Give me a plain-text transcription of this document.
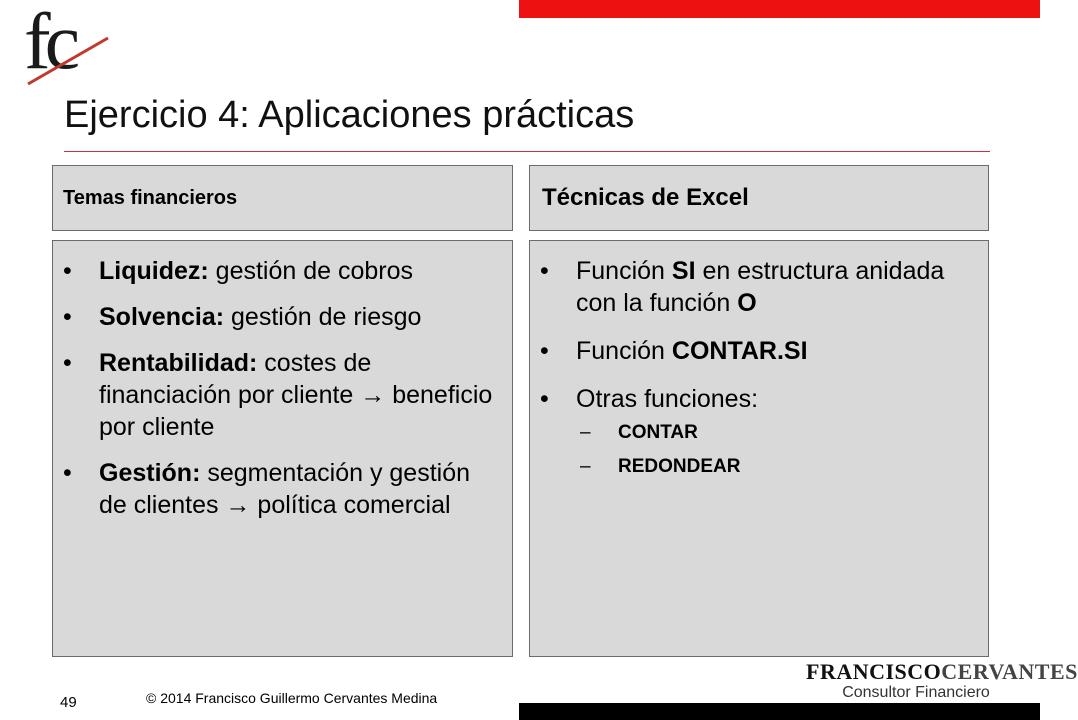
fc
Ejercicio 4: Aplicaciones prácticas
Temas financieros	Técnicas de Excel
• Liquidez: gestión de cobros
• Solvencia: gestión de riesgo
• Rentabilidad: costes de financiación por cliente → beneficio por cliente
• Gestión: segmentación y gestión de clientes → política comercial
• Función SI en estructura anidada con la función O
• Función CONTAR.SI
• Otras funciones:
– CONTAR
– REDONDEAR
FRANCISCOCERVANTES
Consultor Financiero
49	© 2014 Francisco Guillermo Cervantes Medina
